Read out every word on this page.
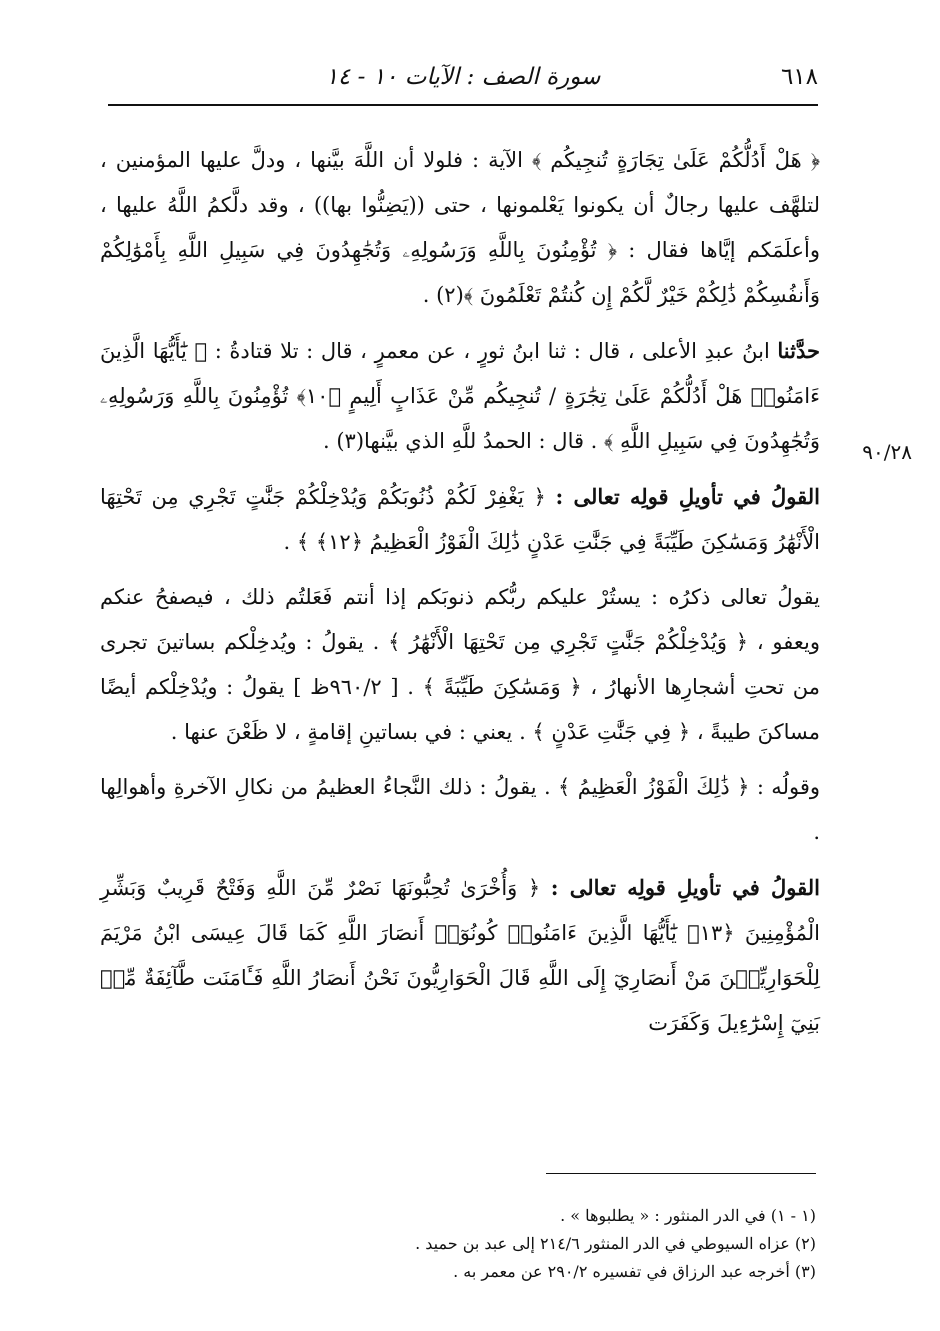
٦١٨
سورة الصف : الآيات ١٠ - ١٤
٩٠/٢٨

﴿ هَلْ أَدُلُّكُمْ عَلَىٰ تِجَارَةٍ تُنجِيكُم ﴾ الآية : فلولا أن اللَّهَ بيَّنها ، ودلَّ عليها المؤمنين ، لتلهَّف عليها رجالٌ أن يكونوا يَعْلمونها ، حتى ((يَضِنُّوا بها)) ، وقد دلَّكمُ اللَّهُ عليها ، وأعلَمَكم إيَّاها فقال : ﴿ تُؤْمِنُونَ بِاللَّهِ وَرَسُولِهِۦ وَتُجَٰهِدُونَ فِي سَبِيلِ اللَّهِ بِأَمْوَٰلِكُمْ وَأَنفُسِكُمْ ذَٰلِكُمْ خَيْرٌ لَّكُمْ إِن كُنتُمْ تَعْلَمُونَ ﴾(٢) .

حدَّثنا ابنُ عبدِ الأعلى ، قال : ثنا ابنُ ثورٍ ، عن معمرٍ ، قال : تلا قتادةُ : ﴿ يَٰٓأَيُّهَا الَّذِينَ ءَامَنُوا۟ هَلْ أَدُلُّكُمْ عَلَىٰ تِجَٰرَةٍ / تُنجِيكُم مِّنْ عَذَابٍ أَلِيمٍ ﴿١٠﴾ تُؤْمِنُونَ بِاللَّهِ وَرَسُولِهِۦ وَتُجَٰهِدُونَ فِي سَبِيلِ اللَّهِ ﴾ . قال : الحمدُ للَّهِ الذي بيَّنها(٣) .

القولُ في تأويلِ قولِه تعالى : ﴿ يَغْفِرْ لَكُمْ ذُنُوبَكُمْ وَيُدْخِلْكُمْ جَنَّٰتٍ تَجْرِي مِن تَحْتِهَا الْأَنْهَٰرُ وَمَسَٰكِنَ طَيِّبَةً فِي جَنَّٰتِ عَدْنٍ ذَٰلِكَ الْفَوْزُ الْعَظِيمُ ﴿١٢﴾ ﴾ .

يقولُ تعالى ذكرُه : يستُرْ عليكم ربُّكم ذنوبَكم إذا أنتم فَعَلتُم ذلك ، فيصفحُ عنكم ويعفو ، ﴿ وَيُدْخِلْكُمْ جَنَّٰتٍ تَجْرِي مِن تَحْتِهَا الْأَنْهَٰرُ ﴾ . يقولُ : ويُدخِلْكم بساتينَ تجرى من تحتِ أشجارِها الأنهارُ ، ﴿ وَمَسَٰكِنَ طَيِّبَةً ﴾ . [ ٩٦٠/٢ظ ] يقولُ : ويُدْخِلْكم أيضًا مساكنَ طيبةً ، ﴿ فِي جَنَّٰتِ عَدْنٍ ﴾ . يعني : في بساتينِ إقامةٍ ، لا ظَعْنَ عنها .

وقولُه : ﴿ ذَٰلِكَ الْفَوْزُ الْعَظِيمُ ﴾ . يقولُ : ذلك النَّجاءُ العظيمُ من نكالِ الآخرةِ وأهوالِها .

القولُ في تأويلِ قولِه تعالى : ﴿ وَأُخْرَىٰ تُحِبُّونَهَا نَصْرٌ مِّنَ اللَّهِ وَفَتْحٌ قَرِيبٌ وَبَشِّرِ الْمُؤْمِنِينَ ﴿١٣﴾ يَٰٓأَيُّهَا الَّذِينَ ءَامَنُوا۟ كُونُوٓا۟ أَنصَارَ اللَّهِ كَمَا قَالَ عِيسَى ابْنُ مَرْيَمَ لِلْحَوَارِيِّـۧنَ مَنْ أَنصَارِيٓ إِلَى اللَّهِ قَالَ الْحَوَارِيُّونَ نَحْنُ أَنصَارُ اللَّهِ فَـَٔامَنَت طَّآئِفَةٌ مِّنۢ بَنِيٓ إِسْرَٰٓءِيلَ وَكَفَرَت

(١ - ١) في الدر المنثور : « يطلبوها » .
(٢) عزاه السيوطي في الدر المنثور ٢١٤/٦ إلى عبد بن حميد .
(٣) أخرجه عبد الرزاق في تفسيره ٢٩٠/٢ عن معمر به .
